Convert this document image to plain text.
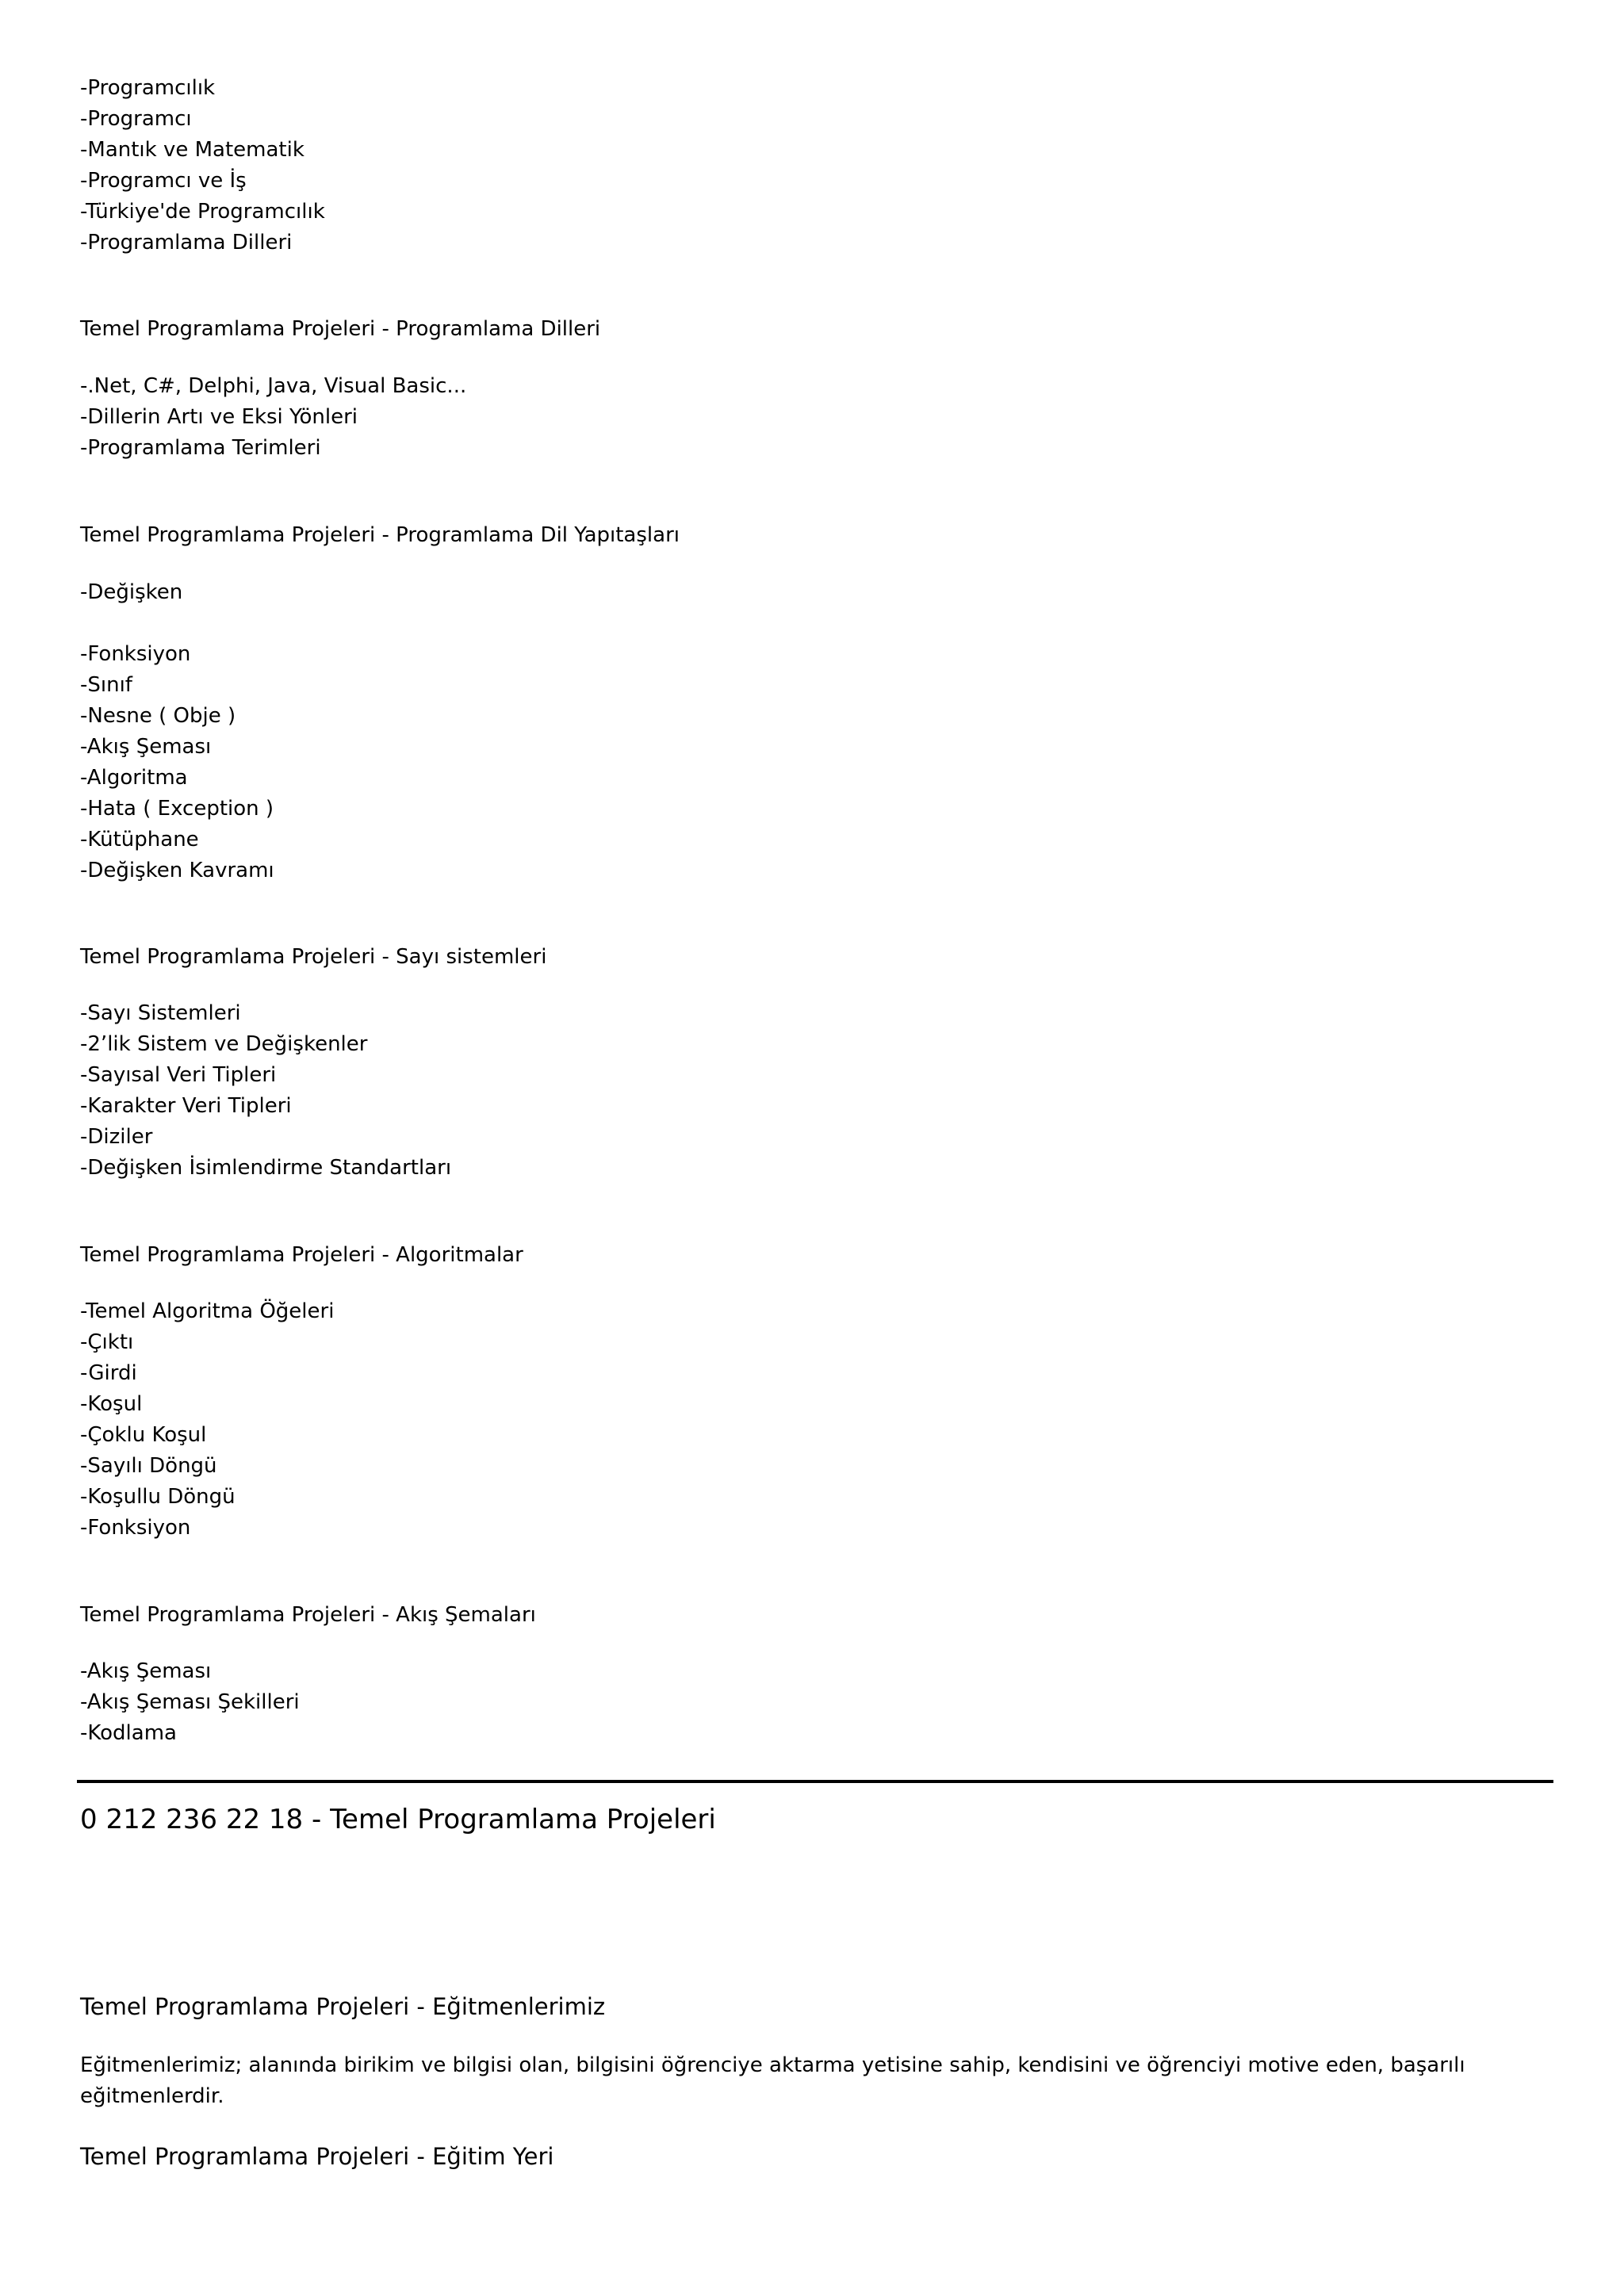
-Programcılık
-Programcı
-Mantık ve Matematik
-Programcı ve İş
-Türkiye'de Programcılık
-Programlama Dilleri
Temel Programlama Projeleri - Programlama Dilleri
-.Net, C#, Delphi, Java, Visual Basic...
-Dillerin Artı ve Eksi Yönleri
-Programlama Terimleri
Temel Programlama Projeleri - Programlama Dil Yapıtaşları
-Değişken
-Fonksiyon
-Sınıf
-Nesne ( Obje )
-Akış Şeması
-Algoritma
-Hata ( Exception )
-Kütüphane
-Değişken Kavramı
Temel Programlama Projeleri - Sayı sistemleri
-Sayı Sistemleri
-2’lik Sistem ve Değişkenler
-Sayısal Veri Tipleri
-Karakter Veri Tipleri
-Diziler
-Değişken İsimlendirme Standartları
Temel Programlama Projeleri - Algoritmalar
-Temel Algoritma Öğeleri
-Çıktı
-Girdi
-Koşul
-Çoklu Koşul
-Sayılı Döngü
-Koşullu Döngü
-Fonksiyon
Temel Programlama Projeleri - Akış Şemaları
-Akış Şeması
-Akış Şeması Şekilleri
-Kodlama
0 212 236 22 18 - Temel Programlama Projeleri
Temel Programlama Projeleri - Eğitmenlerimiz
Eğitmenlerimiz; alanında birikim ve bilgisi olan, bilgisini öğrenciye aktarma yetisine sahip, kendisini ve öğrenciyi motive eden, başarılı eğitmenlerdir.
Temel Programlama Projeleri - Eğitim Yeri
